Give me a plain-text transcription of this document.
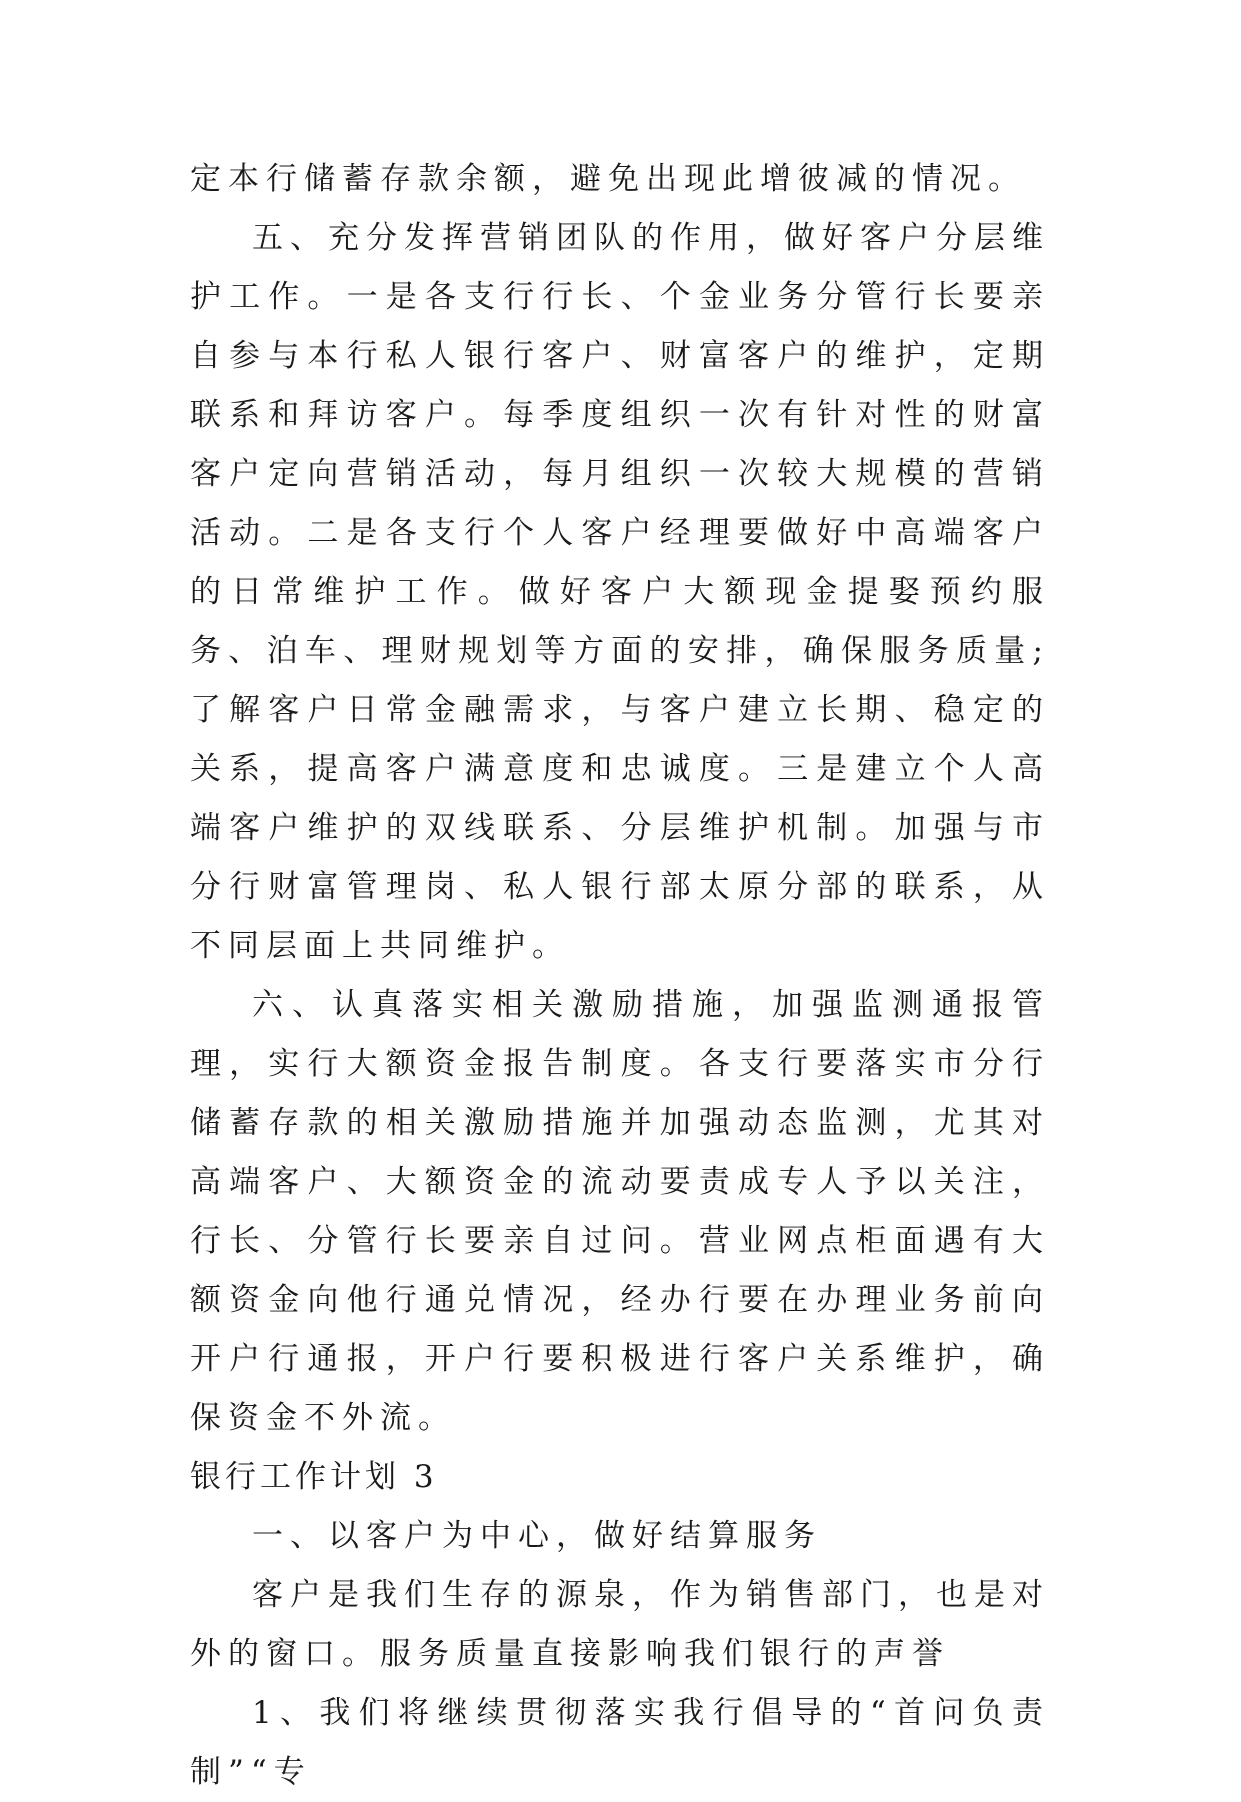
定本行储蓄存款余额，避免出现此增彼减的情况。

五、充分发挥营销团队的作用，做好客户分层维护工作。一是各支行行长、个金业务分管行长要亲自参与本行私人银行客户、财富客户的维护，定期联系和拜访客户。每季度组织一次有针对性的财富客户定向营销活动，每月组织一次较大规模的营销活动。二是各支行个人客户经理要做好中高端客户的日常维护工作。做好客户大额现金提娶预约服务、泊车、理财规划等方面的安排，确保服务质量;了解客户日常金融需求，与客户建立长期、稳定的关系，提高客户满意度和忠诚度。三是建立个人高端客户维护的双线联系、分层维护机制。加强与市分行财富管理岗、私人银行部太原分部的联系，从不同层面上共同维护。

六、认真落实相关激励措施，加强监测通报管理，实行大额资金报告制度。各支行要落实市分行储蓄存款的相关激励措施并加强动态监测，尤其对高端客户、大额资金的流动要责成专人予以关注，行长、分管行长要亲自过问。营业网点柜面遇有大额资金向他行通兑情况，经办行要在办理业务前向开户行通报，开户行要积极进行客户关系维护，确保资金不外流。

银行工作计划 3

一、以客户为中心，做好结算服务

客户是我们生存的源泉，作为销售部门，也是对外的窗口。服务质量直接影响我们银行的声誉

1、我们将继续贯彻落实我行倡导的“首问负责制”“专
